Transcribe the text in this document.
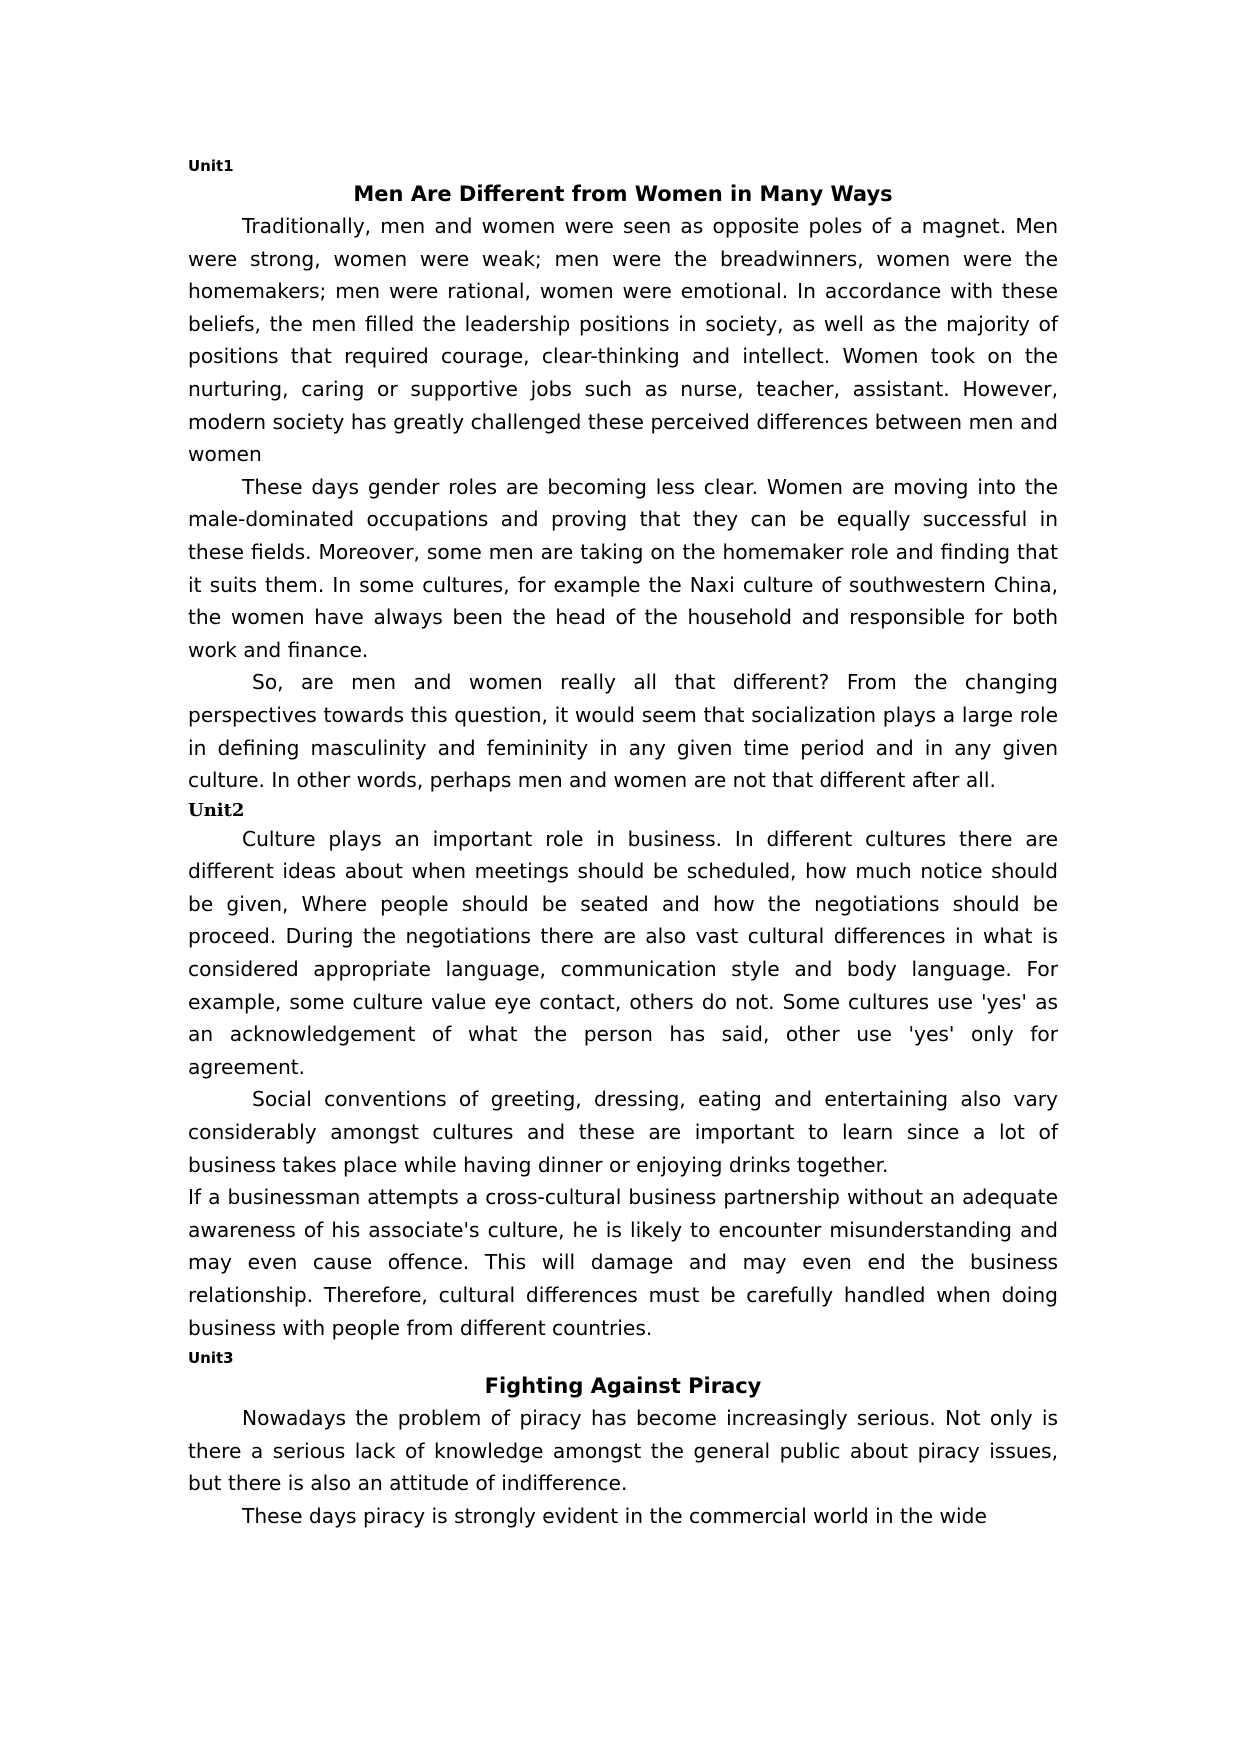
Unit1
Men Are Different from Women in Many Ways

Traditionally, men and women were seen as opposite poles of a magnet. Men were strong, women were weak; men were the breadwinners, women were the homemakers; men were rational, women were emotional. In accordance with these beliefs, the men filled the leadership positions in society, as well as the majority of positions that required courage, clear-thinking and intellect. Women took on the nurturing, caring or supportive jobs such as nurse, teacher, assistant. However, modern society has greatly challenged these perceived differences between men and women

These days gender roles are becoming less clear. Women are moving into the male-dominated occupations and proving that they can be equally successful in these fields. Moreover, some men are taking on the homemaker role and finding that it suits them. In some cultures, for example the Naxi culture of southwestern China, the women have always been the head of the household and responsible for both work and finance.

So, are men and women really all that different? From the changing perspectives towards this question, it would seem that socialization plays a large role in defining masculinity and femininity in any given time period and in any given culture. In other words, perhaps men and women are not that different after all.

Unit2

Culture plays an important role in business. In different cultures there are different ideas about when meetings should be scheduled, how much notice should be given, Where people should be seated and how the negotiations should be proceed. During the negotiations there are also vast cultural differences in what is considered appropriate language, communication style and body language. For example, some culture value eye contact, others do not. Some cultures use 'yes' as an acknowledgement of what the person has said, other use 'yes' only for agreement.

Social conventions of greeting, dressing, eating and entertaining also vary considerably amongst cultures and these are important to learn since a lot of business takes place while having dinner or enjoying drinks together.

If a businessman attempts a cross-cultural business partnership without an adequate awareness of his associate's culture, he is likely to encounter misunderstanding and may even cause offence. This will damage and may even end the business relationship. Therefore, cultural differences must be carefully handled when doing business with people from different countries.

Unit3
Fighting Against Piracy

Nowadays the problem of piracy has become increasingly serious. Not only is there a serious lack of knowledge amongst the general public about piracy issues, but there is also an attitude of indifference.

These days piracy is strongly evident in the commercial world in the wide
